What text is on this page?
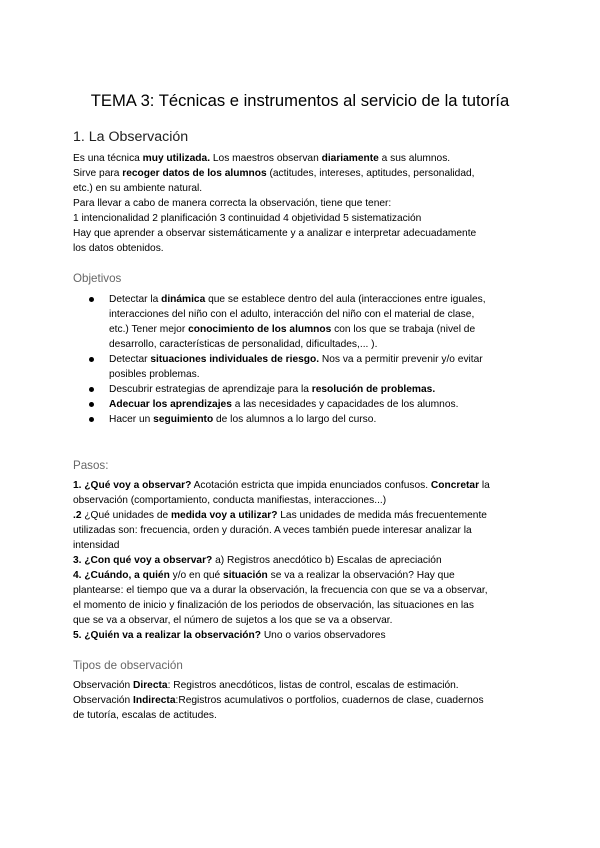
TEMA 3: Técnicas e instrumentos al servicio de la tutoría
1. La Observación
Es una técnica muy utilizada. Los maestros observan diariamente a sus alumnos.
Sirve para recoger datos de los alumnos (actitudes, intereses, aptitudes, personalidad,
etc.) en su ambiente natural.
Para llevar a cabo de manera correcta la observación, tiene que tener:
1 intencionalidad 2 planificación 3 continuidad 4 objetividad 5 sistematización
Hay que aprender a observar sistemáticamente y a analizar e interpretar adecuadamente
los datos obtenidos.
Objetivos
Detectar la dinámica que se establece dentro del aula (interacciones entre iguales,
interacciones del niño con el adulto, interacción del niño con el material de clase,
etc.) Tener mejor conocimiento de los alumnos con los que se trabaja (nivel de
desarrollo, características de personalidad, dificultades,... ).
Detectar situaciones individuales de riesgo. Nos va a permitir prevenir y/o evitar
posibles problemas.
Descubrir estrategias de aprendizaje para la resolución de problemas.
Adecuar los aprendizajes a las necesidades y capacidades de los alumnos.
Hacer un seguimiento de los alumnos a lo largo del curso.
Pasos:
1. ¿Qué voy a observar? Acotación estricta que impida enunciados confusos. Concretar la
observación (comportamiento, conducta manifiestas, interacciones...)
.2 ¿Qué unidades de medida voy a utilizar? Las unidades de medida más frecuentemente
utilizadas son: frecuencia, orden y duración. A veces también puede interesar analizar la
intensidad
3. ¿Con qué voy a observar? a) Registros anecdótico b) Escalas de apreciación
4. ¿Cuándo, a quién y/o en qué situación se va a realizar la observación? Hay que
plantearse: el tiempo que va a durar la observación, la frecuencia con que se va a observar,
el momento de inicio y finalización de los periodos de observación, las situaciones en las
que se va a observar, el número de sujetos a los que se va a observar.
5. ¿Quién va a realizar la observación? Uno o varios observadores
Tipos de observación
Observación Directa: Registros anecdóticos, listas de control, escalas de estimación.
Observación Indirecta:Registros acumulativos o portfolios, cuadernos de clase, cuadernos
de tutoría, escalas de actitudes.
